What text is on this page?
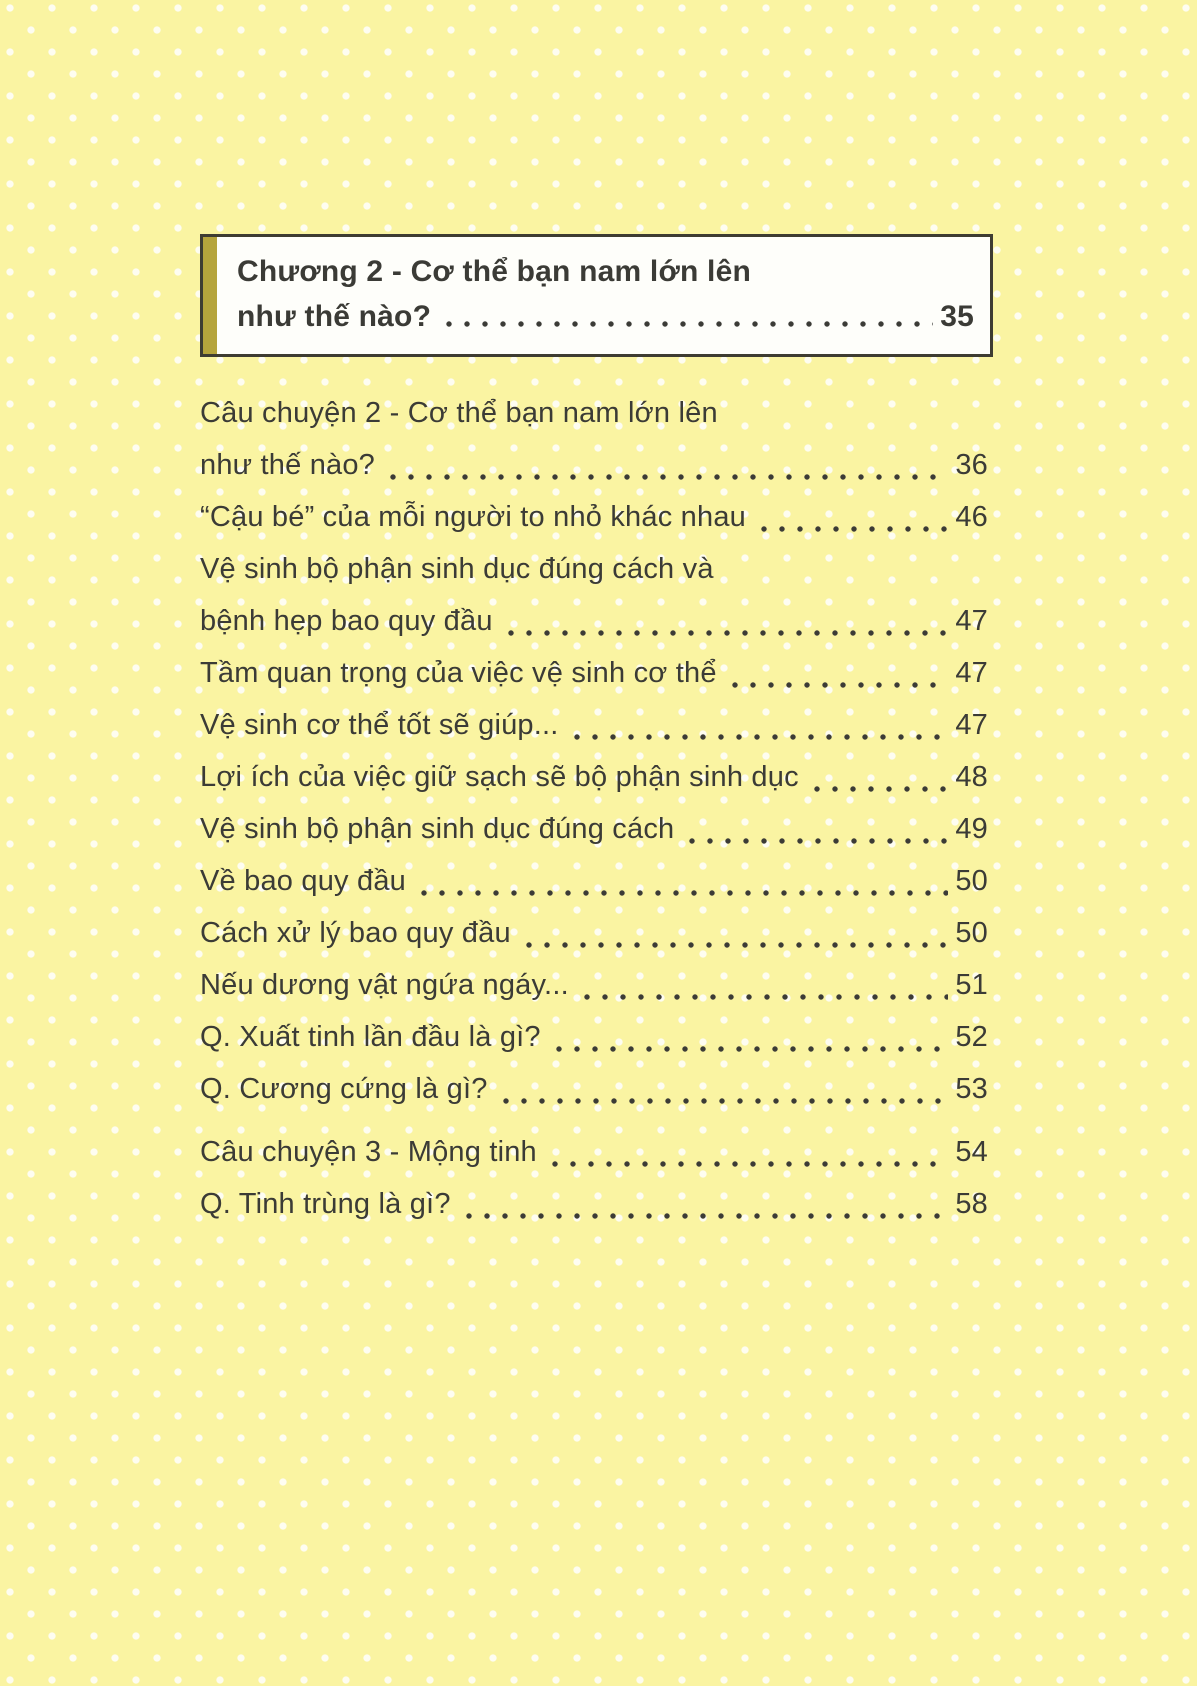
Chương 2 - Cơ thể bạn nam lớn lên
như thế nào?	35
Câu chuyện 2 - Cơ thể bạn nam lớn lên
như thế nào?	36
“Cậu bé” của mỗi người to nhỏ khác nhau	46
Vệ sinh bộ phận sinh dục đúng cách và
bệnh hẹp bao quy đầu	47
Tầm quan trọng của việc vệ sinh cơ thể	47
Vệ sinh cơ thể tốt sẽ giúp...	47
Lợi ích của việc giữ sạch sẽ bộ phận sinh dục	48
Vệ sinh bộ phận sinh dục đúng cách	49
Về bao quy đầu	50
Cách xử lý bao quy đầu	50
Nếu dương vật ngứa ngáy...	51
Q. Xuất tinh lần đầu là gì?	52
Q. Cương cứng là gì?	53
Câu chuyện 3 - Mộng tinh	54
Q. Tinh trùng là gì?	58
